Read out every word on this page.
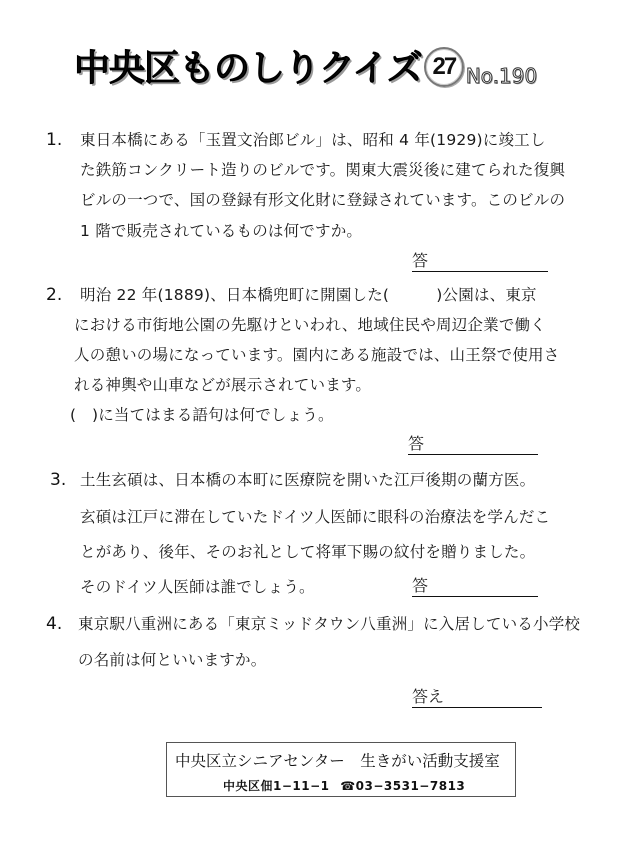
中央区ものしりクイズ 27 No.190
1. 東日本橋にある「玉置文治郎ビル」は、昭和 4 年(1929)に竣工し
た鉄筋コンクリート造りのビルです。関東大震災後に建てられた復興
ビルの一つで、国の登録有形文化財に登録されています。このビルの
1 階で販売されているものは何ですか。
答
2. 明治 22 年(1889)、日本橋兜町に開園した(　　　)公園は、東京
における市街地公園の先駆けといわれ、地域住民や周辺企業で働く
人の憩いの場になっています。園内にある施設では、山王祭で使用さ
れる神輿や山車などが展示されています。
(　)に当てはまる語句は何でしょう。
答
3. 土生玄碩は、日本橋の本町に医療院を開いた江戸後期の蘭方医。
玄碩は江戸に滞在していたドイツ人医師に眼科の治療法を学んだこ
とがあり、後年、そのお礼として将軍下賜の紋付を贈りました。
そのドイツ人医師は誰でしょう。	答
4. 東京駅八重洲にある「東京ミッドタウン八重洲」に入居している小学校
の名前は何といいますか。
答え
中央区立シニアセンター　生きがい活動支援室
中央区佃1−11−1 ☎03−3531−7813
